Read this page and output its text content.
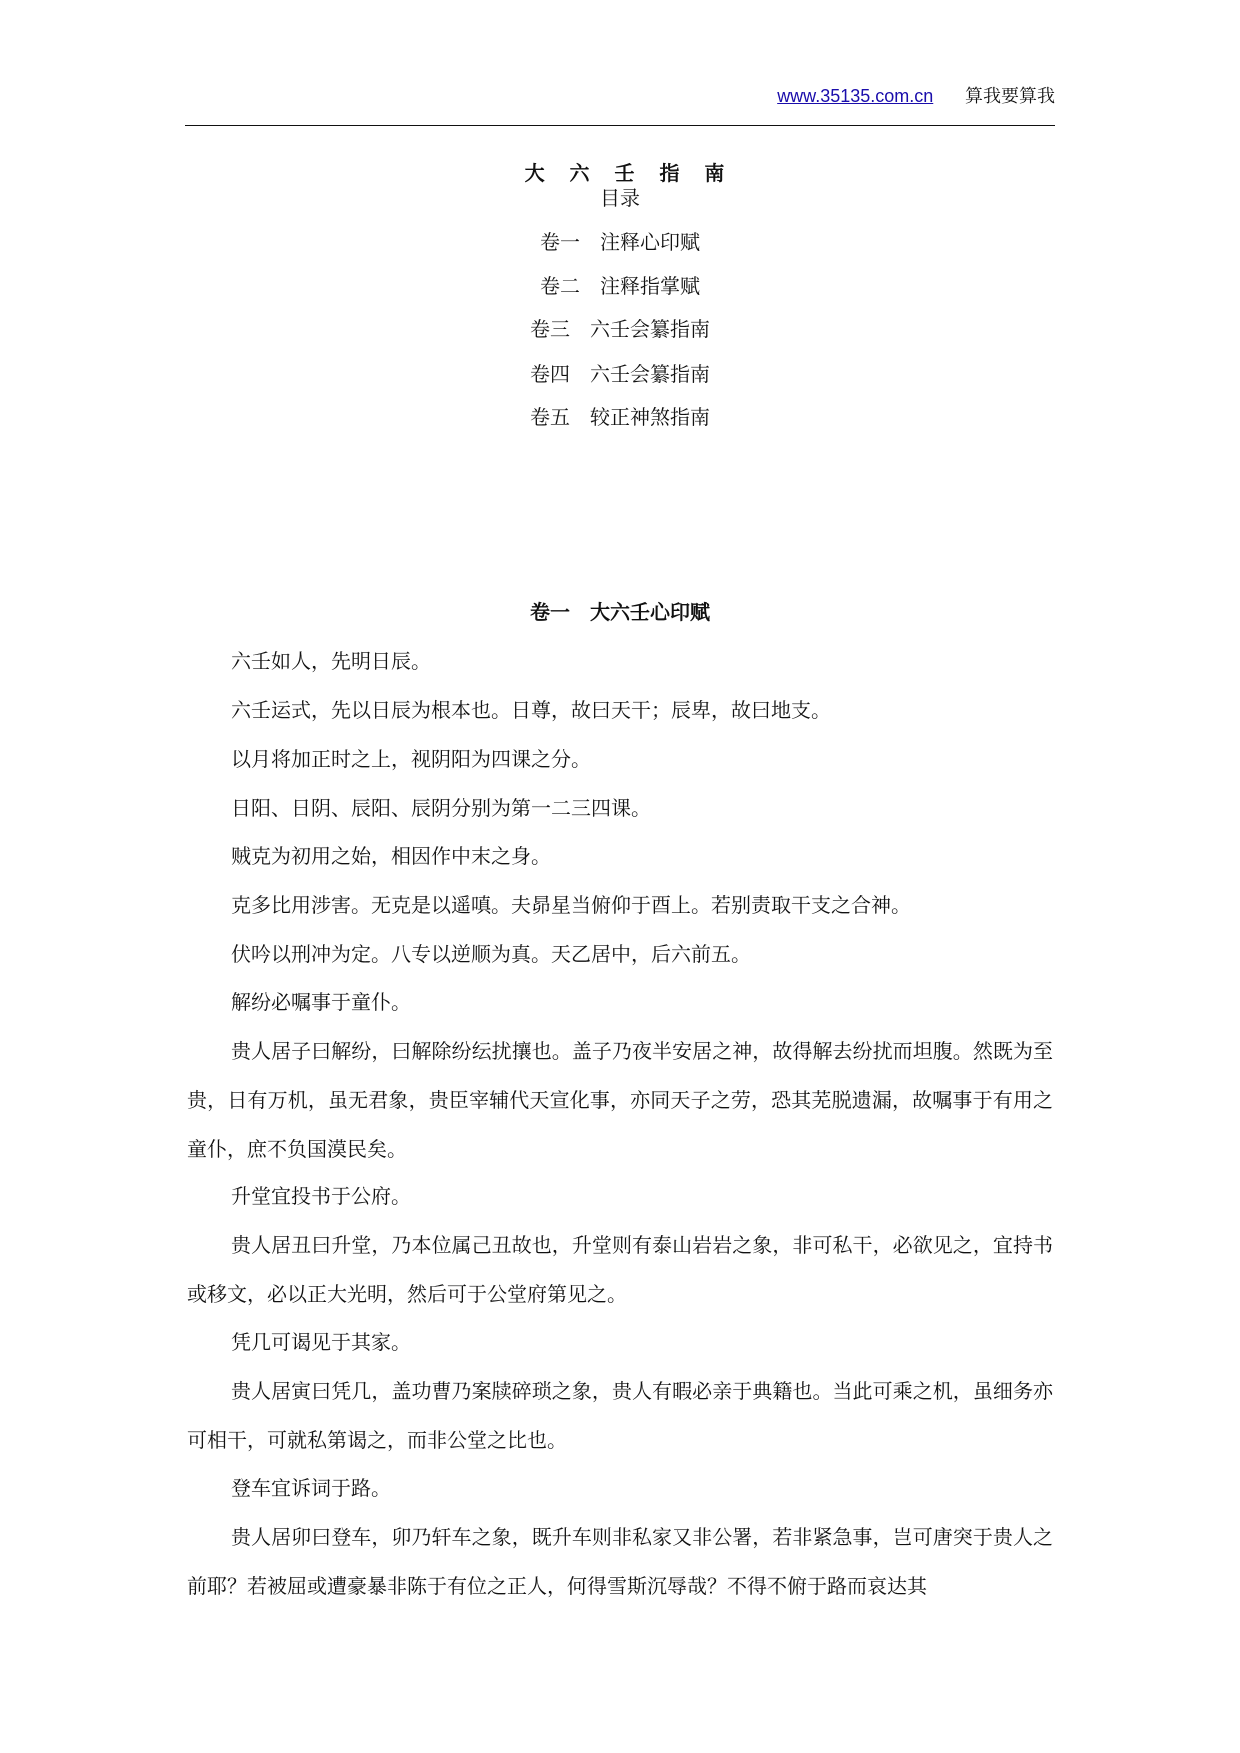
www.35135.com.cn 算我要算我
大 六 壬 指 南
目录
卷一　注释心印赋
卷二　注释指掌赋
卷三　六壬会纂指南
卷四　六壬会纂指南
卷五　较正神煞指南
卷一　大六壬心印赋

六壬如人，先明日辰。

六壬运式，先以日辰为根本也。日尊，故曰天干；辰卑，故曰地支。

以月将加正时之上，视阴阳为四课之分。

日阳、日阴、辰阳、辰阴分别为第一二三四课。

贼克为初用之始，相因作中末之身。

克多比用涉害。无克是以遥嗔。夫昴星当俯仰于酉上。若别责取干支之合神。

伏吟以刑冲为定。八专以逆顺为真。天乙居中，后六前五。

解纷必嘱事于童仆。

贵人居子曰解纷，曰解除纷纭扰攘也。盖子乃夜半安居之神，故得解去纷扰而坦腹。然既为至贵，日有万机，虽无君象，贵臣宰辅代天宣化事，亦同天子之劳，恐其芜脱遗漏，故嘱事于有用之童仆，庶不负国漠民矣。

升堂宜投书于公府。

贵人居丑曰升堂，乃本位属己丑故也，升堂则有泰山岩岩之象，非可私干，必欲见之，宜持书或移文，必以正大光明，然后可于公堂府第见之。

凭几可谒见于其家。

贵人居寅曰凭几，盖功曹乃案牍碎琐之象，贵人有暇必亲于典籍也。当此可乘之机，虽细务亦可相干，可就私第谒之，而非公堂之比也。

登车宜诉词于路。

贵人居卯曰登车，卯乃轩车之象，既升车则非私家又非公署，若非紧急事，岂可唐突于贵人之前耶？若被屈或遭豪暴非陈于有位之正人，何得雪斯沉辱哉？不得不俯于路而哀达其
